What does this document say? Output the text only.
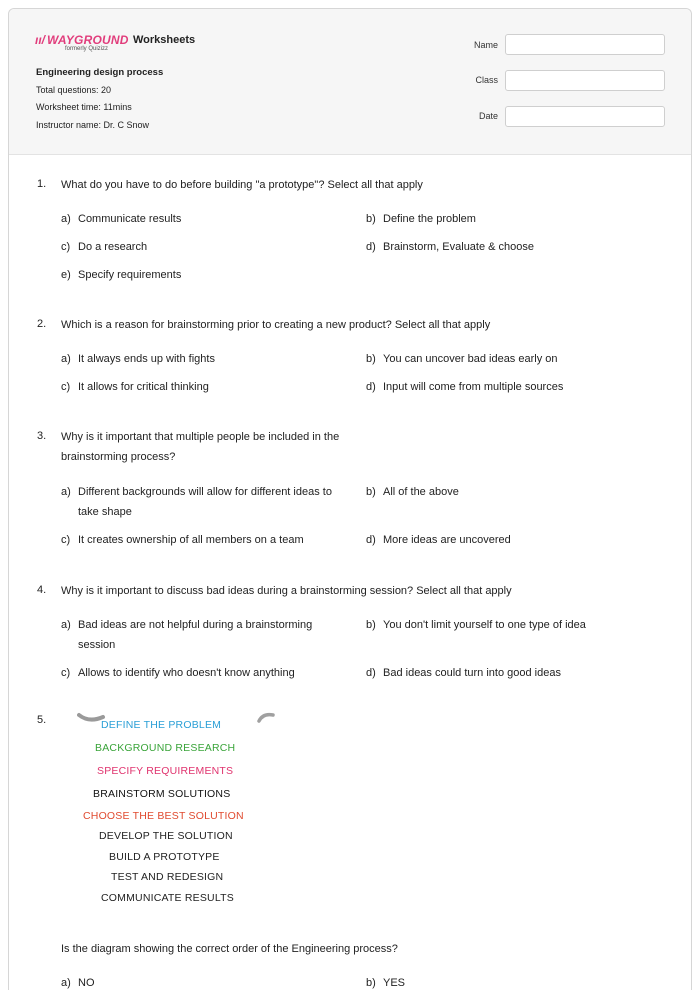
ıı/ WAYGROUND
formerly Quizizz
Worksheets
Engineering design process
Total questions: 20
Worksheet time: 11mins
Instructor name: Dr. C Snow
Name
Class
Date
1. What do you have to do before building "a prototype"? Select all that apply
a) Communicate results	b) Define the problem
c) Do a research	d) Brainstorm, Evaluate & choose
e) Specify requirements
2. Which is a reason for brainstorming prior to creating a new product? Select all that apply
a) It always ends up with fights	b) You can uncover bad ideas early on
c) It allows for critical thinking	d) Input will come from multiple sources
3. Why is it important that multiple people be included in the
brainstorming process?
a) Different backgrounds will allow for different ideas to
take shape
b) All of the above
c) It creates ownership of all members on a team	d) More ideas are uncovered
4. Why is it important to discuss bad ideas during a brainstorming session? Select all that apply
a) Bad ideas are not helpful during a brainstorming
session
b) You don't limit yourself to one type of idea
c) Allows to identify who doesn't know anything	d) Bad ideas could turn into good ideas
5.	DEFINE THE PROBLEM
BACKGROUND RESEARCH
SPECIFY REQUIREMENTS
BRAINSTORM SOLUTIONS
CHOOSE THE BEST SOLUTION
DEVELOP THE SOLUTION
BUILD A PROTOTYPE
TEST AND REDESIGN
COMMUNICATE RESULTS
Is the diagram showing the correct order of the Engineering process?
a) NO	b) YES
